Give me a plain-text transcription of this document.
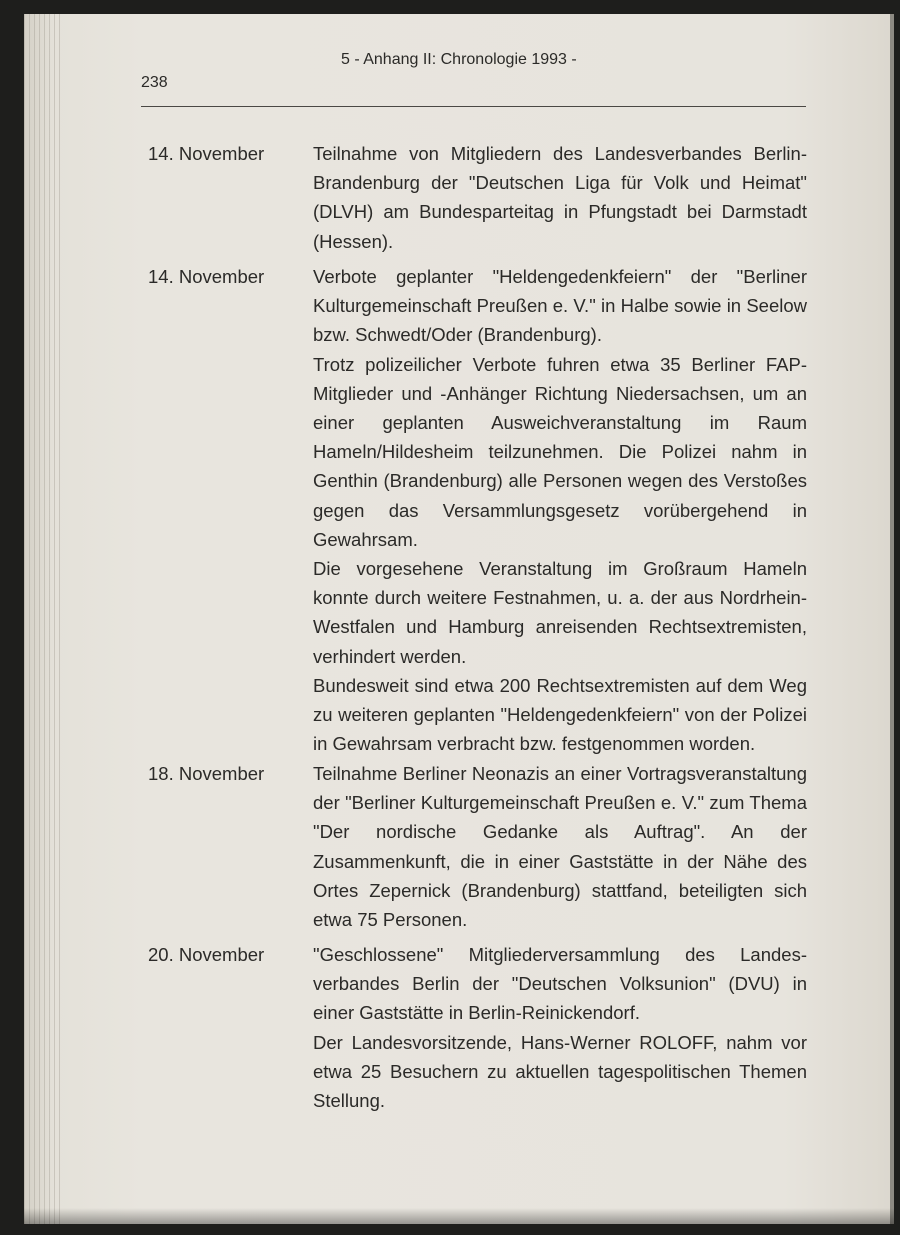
238
5 - Anhang II: Chronologie 1993 -
14. November	Teilnahme von Mitgliedern des Landesverbandes Berlin-Brandenburg der "Deutschen Liga für Volk und Heimat" (DLVH) am Bundesparteitag in Pfungstadt bei Darmstadt (Hessen).

14. November	Verbote geplanter "Heldengedenkfeiern" der "Berliner Kulturgemeinschaft Preußen e. V." in Halbe sowie in Seelow bzw. Schwedt/Oder (Brandenburg).

Trotz polizeilicher Verbote fuhren etwa 35 Berliner FAP-Mitglieder und -Anhänger Richtung Niedersachsen, um an einer geplanten Ausweichveranstaltung im Raum Hameln/Hildesheim teilzunehmen. Die Polizei nahm in Genthin (Brandenburg) alle Personen wegen des Verstoßes gegen das Versammlungsgesetz vorübergehend in Gewahrsam.

Die vorgesehene Veranstaltung im Großraum Hameln konnte durch weitere Festnahmen, u. a. der aus Nordrhein-Westfalen und Hamburg anreisenden Rechtsextremisten, verhindert werden.

Bundesweit sind etwa 200 Rechtsextremisten auf dem Weg zu weiteren geplanten "Heldengedenkfeiern" von der Polizei in Gewahrsam verbracht bzw. festgenommen worden.

18. November	Teilnahme Berliner Neonazis an einer Vortragsveranstaltung der "Berliner Kulturgemeinschaft Preußen e. V." zum Thema "Der nordische Gedanke als Auftrag". An der Zusammenkunft, die in einer Gaststätte in der Nähe des Ortes Zepernick (Brandenburg) stattfand, beteiligten sich etwa 75 Personen.

20. November	"Geschlossene" Mitgliederversammlung des Landesverbandes Berlin der "Deutschen Volksunion" (DVU) in einer Gaststätte in Berlin-Reinickendorf.

Der Landesvorsitzende, Hans-Werner ROLOFF, nahm vor etwa 25 Besuchern zu aktuellen tagespolitischen Themen Stellung.
